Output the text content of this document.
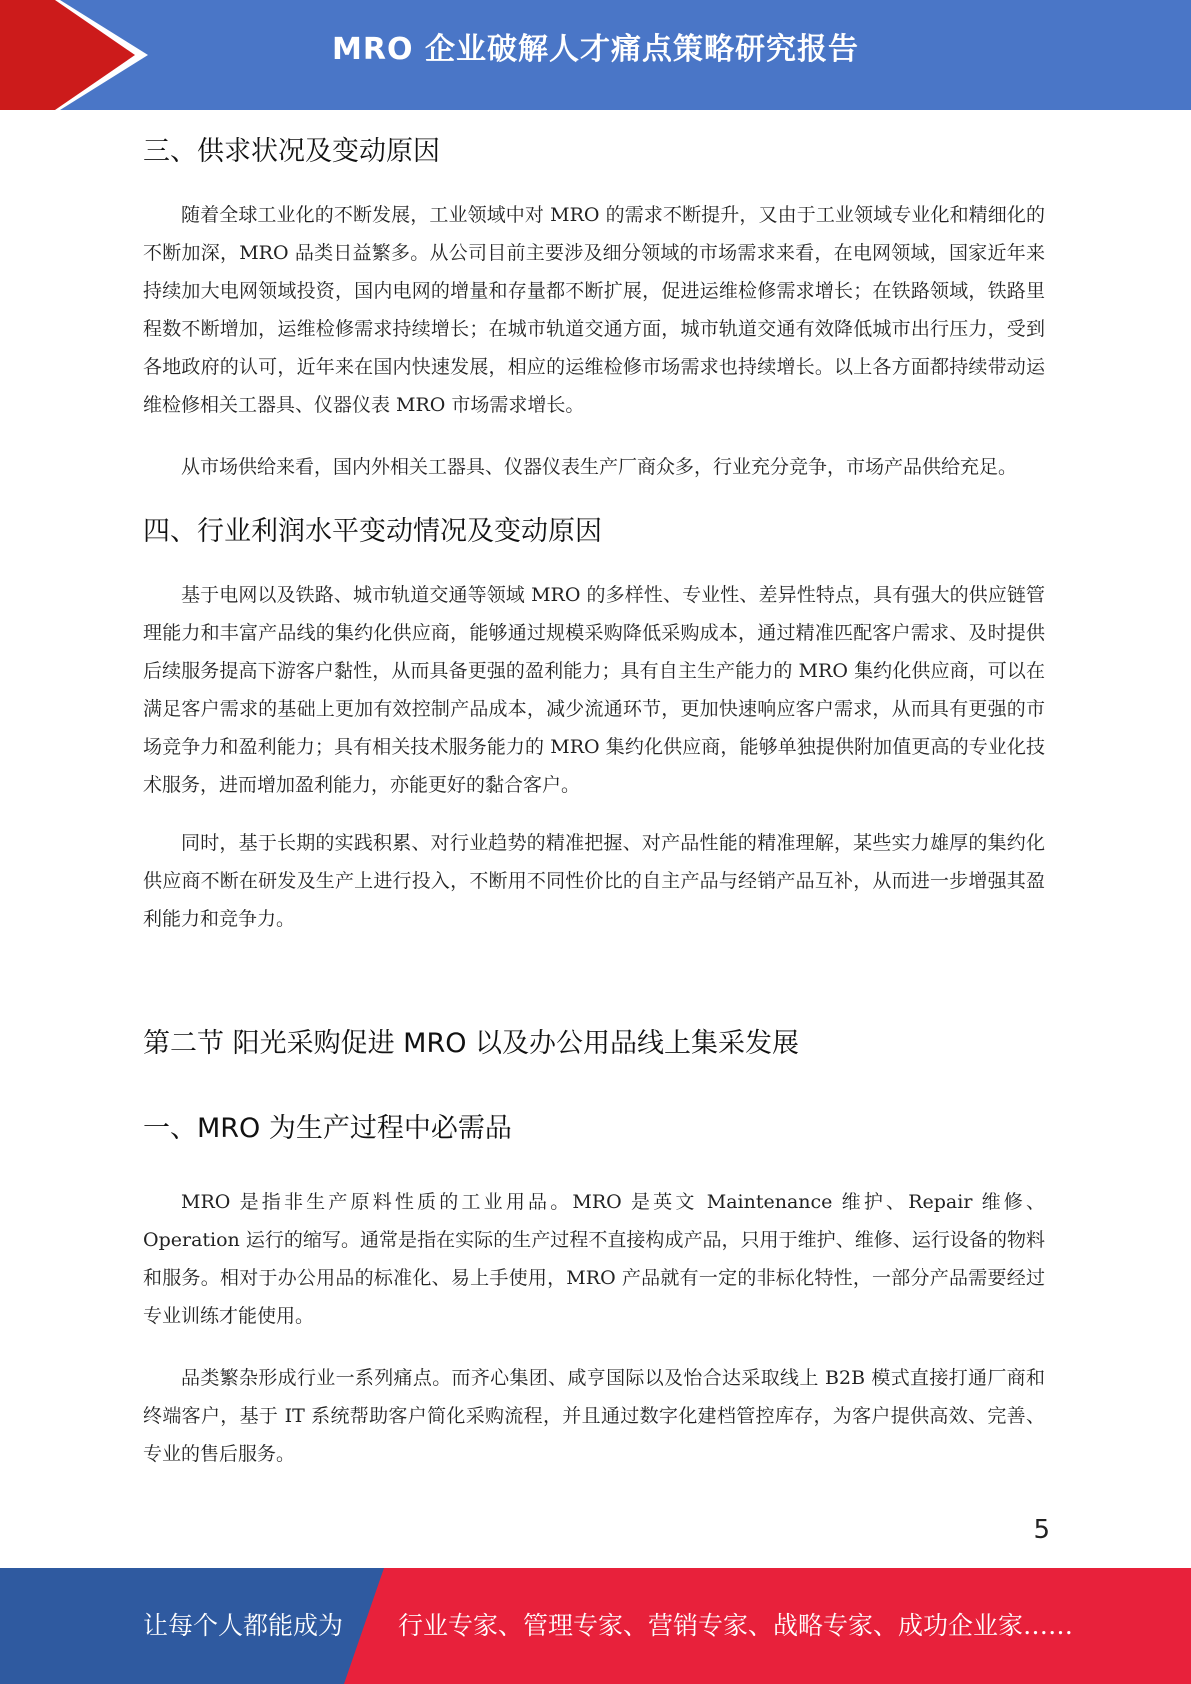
MRO 企业破解人才痛点策略研究报告
三、供求状况及变动原因

随着全球工业化的不断发展，工业领域中对 MRO 的需求不断提升，又由于工业领域专业化和精细化的不断加深，MRO 品类日益繁多。从公司目前主要涉及细分领域的市场需求来看，在电网领域，国家近年来持续加大电网领域投资，国内电网的增量和存量都不断扩展，促进运维检修需求增长；在铁路领域，铁路里程数不断增加，运维检修需求持续增长；在城市轨道交通方面，城市轨道交通有效降低城市出行压力，受到各地政府的认可，近年来在国内快速发展，相应的运维检修市场需求也持续增长。以上各方面都持续带动运维检修相关工器具、仪器仪表 MRO 市场需求增长。

从市场供给来看，国内外相关工器具、仪器仪表生产厂商众多，行业充分竞争，市场产品供给充足。

四、行业利润水平变动情况及变动原因

基于电网以及铁路、城市轨道交通等领域 MRO 的多样性、专业性、差异性特点，具有强大的供应链管理能力和丰富产品线的集约化供应商，能够通过规模采购降低采购成本，通过精准匹配客户需求、及时提供后续服务提高下游客户黏性，从而具备更强的盈利能力；具有自主生产能力的 MRO 集约化供应商，可以在满足客户需求的基础上更加有效控制产品成本，减少流通环节，更加快速响应客户需求，从而具有更强的市场竞争力和盈利能力；具有相关技术服务能力的 MRO 集约化供应商，能够单独提供附加值更高的专业化技术服务，进而增加盈利能力，亦能更好的黏合客户。

同时，基于长期的实践积累、对行业趋势的精准把握、对产品性能的精准理解，某些实力雄厚的集约化供应商不断在研发及生产上进行投入，不断用不同性价比的自主产品与经销产品互补，从而进一步增强其盈利能力和竞争力。

第二节 阳光采购促进 MRO 以及办公用品线上集采发展
一、MRO 为生产过程中必需品

MRO 是指非生产原料性质的工业用品。MRO 是英文 Maintenance 维护、Repair 维修、Operation 运行的缩写。通常是指在实际的生产过程不直接构成产品，只用于维护、维修、运行设备的物料和服务。相对于办公用品的标准化、易上手使用，MRO 产品就有一定的非标化特性，一部分产品需要经过专业训练才能使用。

品类繁杂形成行业一系列痛点。而齐心集团、咸亨国际以及怡合达采取线上 B2B 模式直接打通厂商和终端客户，基于 IT 系统帮助客户简化采购流程，并且通过数字化建档管控库存，为客户提供高效、完善、专业的售后服务。

5
让每个人都能成为 行业专家、管理专家、营销专家、战略专家、成功企业家……
